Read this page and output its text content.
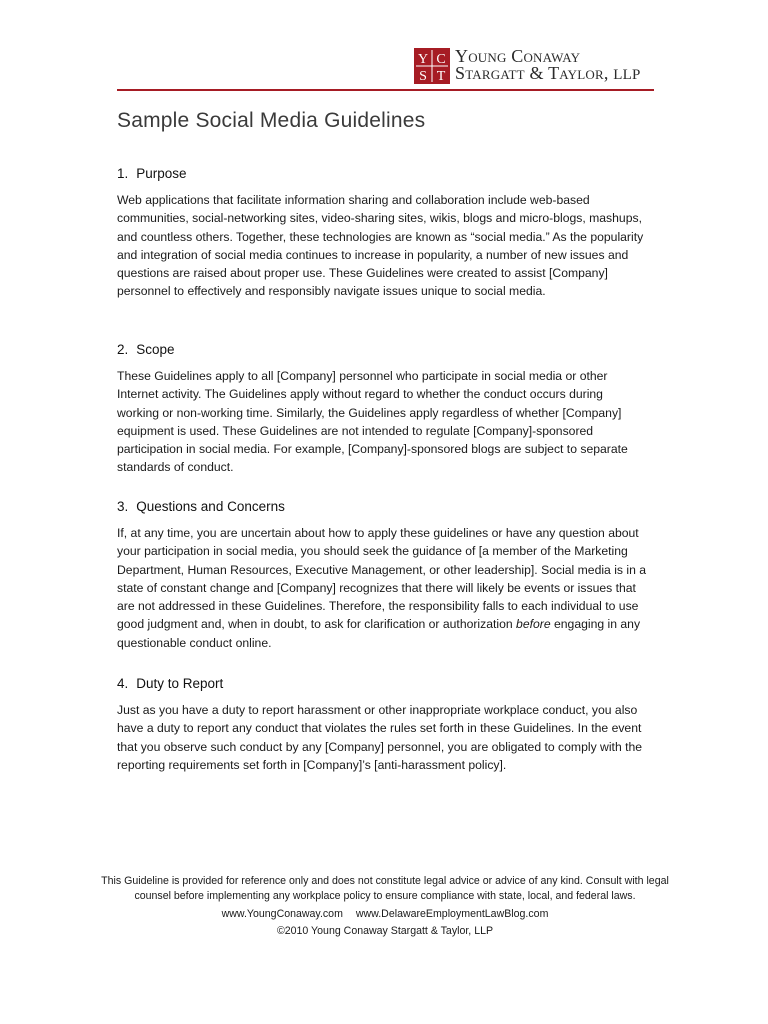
Y C
S T
Young Conaway
Stargatt & Taylor, LLP
Sample Social Media Guidelines
1. Purpose

Web applications that facilitate information sharing and collaboration include web-based communities, social-networking sites, video-sharing sites, wikis, blogs and micro-blogs, mashups, and countless others. Together, these technologies are known as “social media.” As the popularity and integration of social media continues to increase in popularity, a number of new issues and questions are raised about proper use. These Guidelines were created to assist [Company] personnel to effectively and responsibly navigate issues unique to social media.

2. Scope

These Guidelines apply to all [Company] personnel who participate in social media or other Internet activity. The Guidelines apply without regard to whether the conduct occurs during working or non-working time. Similarly, the Guidelines apply regardless of whether [Company] equipment is used. These Guidelines are not intended to regulate [Company]-sponsored participation in social media. For example, [Company]-sponsored blogs are subject to separate standards of conduct.

3. Questions and Concerns

If, at any time, you are uncertain about how to apply these guidelines or have any question about your participation in social media, you should seek the guidance of [a member of the Marketing Department, Human Resources, Executive Management, or other leadership]. Social media is in a state of constant change and [Company] recognizes that there will likely be events or issues that are not addressed in these Guidelines. Therefore, the responsibility falls to each individual to use good judgment and, when in doubt, to ask for clarification or authorization before engaging in any questionable conduct online.

4. Duty to Report

Just as you have a duty to report harassment or other inappropriate workplace conduct, you also have a duty to report any conduct that violates the rules set forth in these Guidelines. In the event that you observe such conduct by any [Company] personnel, you are obligated to comply with the reporting requirements set forth in [Company]’s [anti-harassment policy].

This Guideline is provided for reference only and does not constitute legal advice or advice of any kind. Consult with legal counsel before implementing any workplace policy to ensure compliance with state, local, and federal laws.
www.YoungConaway.com www.DelawareEmploymentLawBlog.com
©2010 Young Conaway Stargatt & Taylor, LLP
